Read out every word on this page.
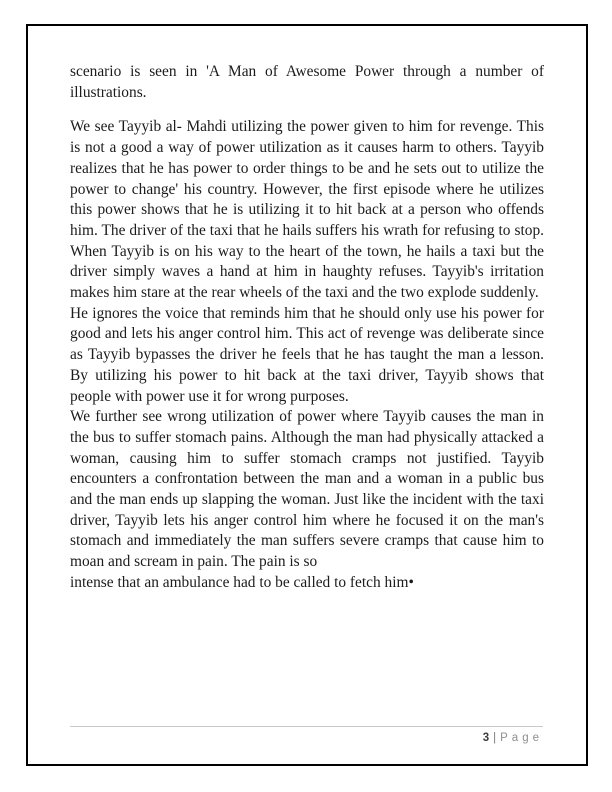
scenario is seen in 'A Man of Awesome Power through a number of illustrations.

We see Tayyib al- Mahdi utilizing the power given to him for revenge. This is not a good a way of power utilization as it causes harm to others. Tayyib realizes that he has power to order things to be and he sets out to utilize the power to change' his country. However, the first episode where he utilizes this power shows that he is utilizing it to hit back at a person who offends him. The driver of the taxi that he hails suffers his wrath for refusing to stop. When Tayyib is on his way to the heart of the town, he hails a taxi but the driver simply waves a hand at him in haughty refuses. Tayyib's irritation makes him stare at the rear wheels of the taxi and the two explode suddenly.

He ignores the voice that reminds him that he should only use his power for good and lets his anger control him. This act of revenge was deliberate since as Tayyib bypasses the driver he feels that he has taught the man a lesson. By utilizing his power to hit back at the taxi driver, Tayyib shows that people with power use it for wrong purposes.

We further see wrong utilization of power where Tayyib causes the man in the bus to suffer stomach pains. Although the man had physically attacked a woman, causing him to suffer stomach cramps not justified. Tayyib encounters a confrontation between the man and a woman in a public bus and the man ends up slapping the woman. Just like the incident with the taxi driver, Tayyib lets his anger control him where he focused it on the man's stomach and immediately the man suffers severe cramps that cause him to moan and scream in pain. The pain is so
intense that an ambulance had to be called to fetch him•

3 | Page
